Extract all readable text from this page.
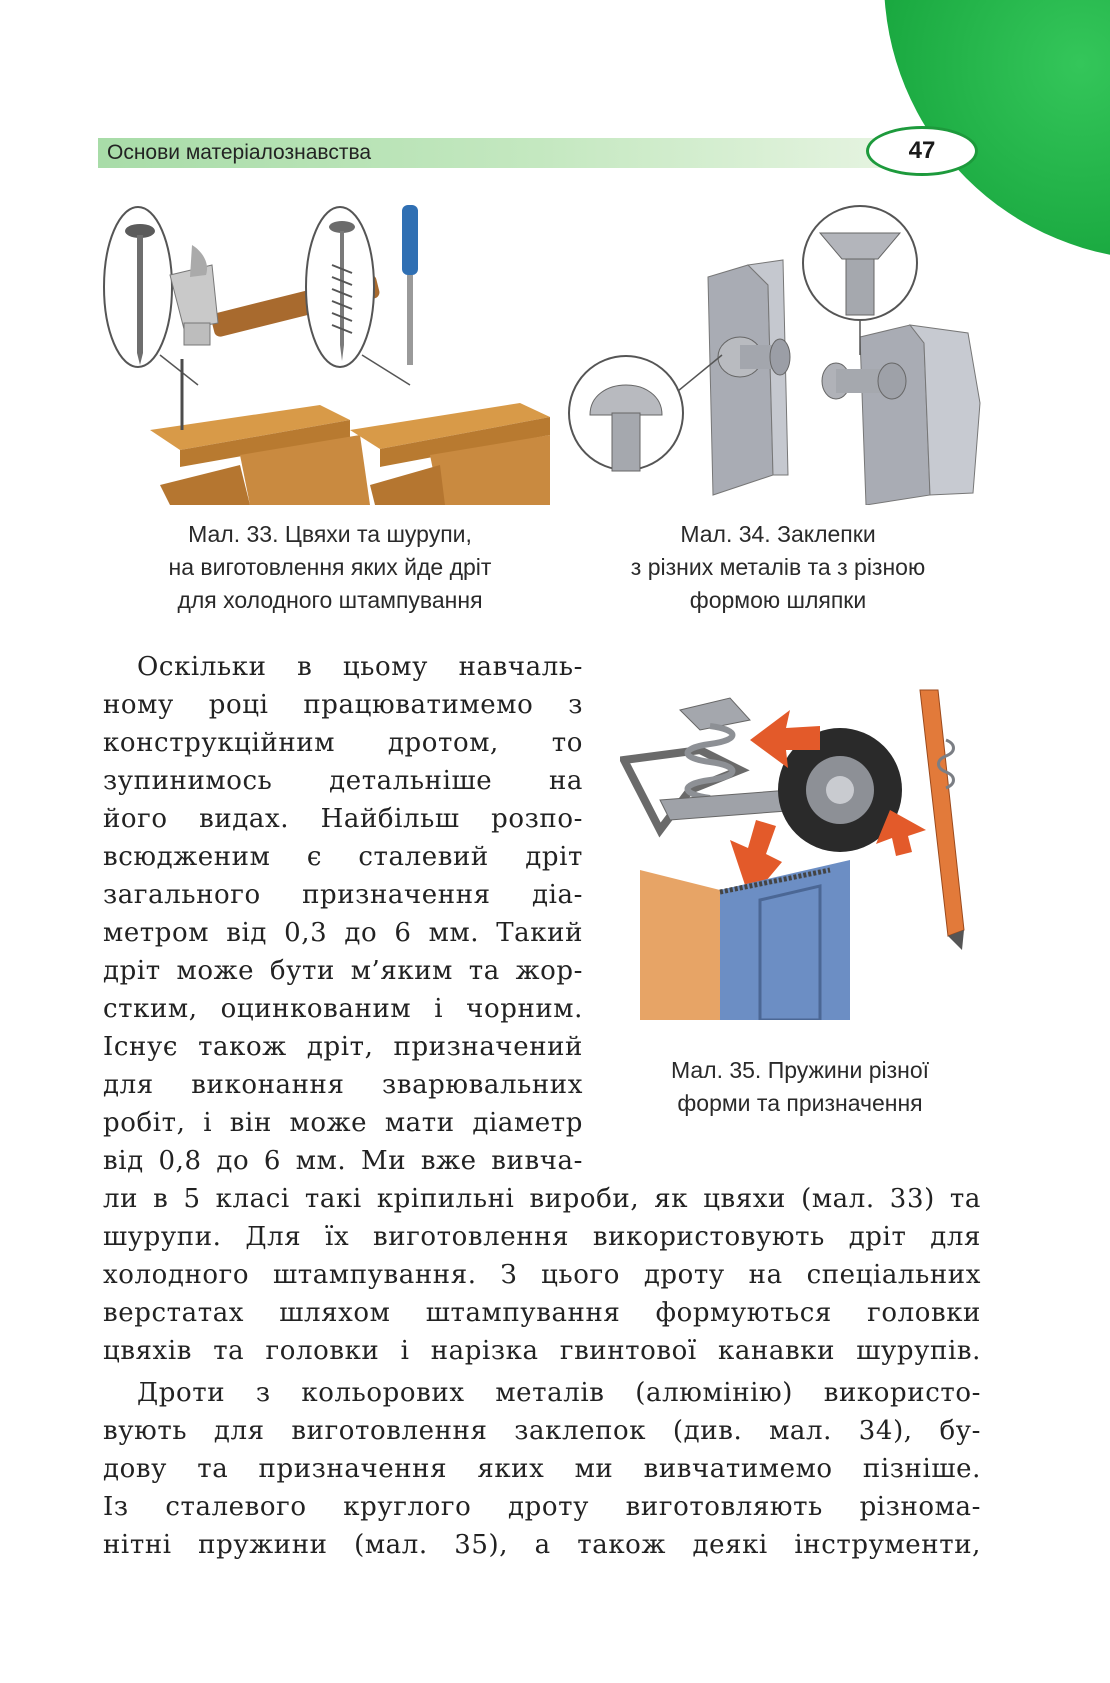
Основи матеріалознавства	47
Мал. 33. Цвяхи та шурупи,
на виготовлення яких йде дріт
для холодного штампування
Мал. 34. Заклепки
з різних металів та з різною
формою шляпки
Мал. 35. Пружини різної
форми та призначення
Оскільки в цьому навчаль-
ному році працюватимемо з
конструкційним дротом, то
зупинимось детальніше на
його видах. Найбільш розпо-
всюдженим є сталевий дріт
загального призначення діа-
метром від 0,3 до 6 мм. Такий
дріт може бути м’яким та жор-
стким, оцинкованим і чорним.
Існує також дріт, призначений
для виконання зварювальних
робіт, і він може мати діаметр
від 0,8 до 6 мм. Ми вже вивча-
ли в 5 класі такі кріпильні вироби, як цвяхи (мал. 33) та
шурупи. Для їх виготовлення використовують дріт для
холодного штампування. З цього дроту на спеціальних
верстатах шляхом штампування формуються головки
цвяхів та головки і нарізка гвинтової канавки шурупів.
Дроти з кольорових металів (алюмінію) використо-
вують для виготовлення заклепок (див. мал. 34), бу-
дову та призначення яких ми вивчатимемо пізніше.
Із сталевого круглого дроту виготовляють різнома-
нітні пружини (мал. 35), а також деякі інструменти,
